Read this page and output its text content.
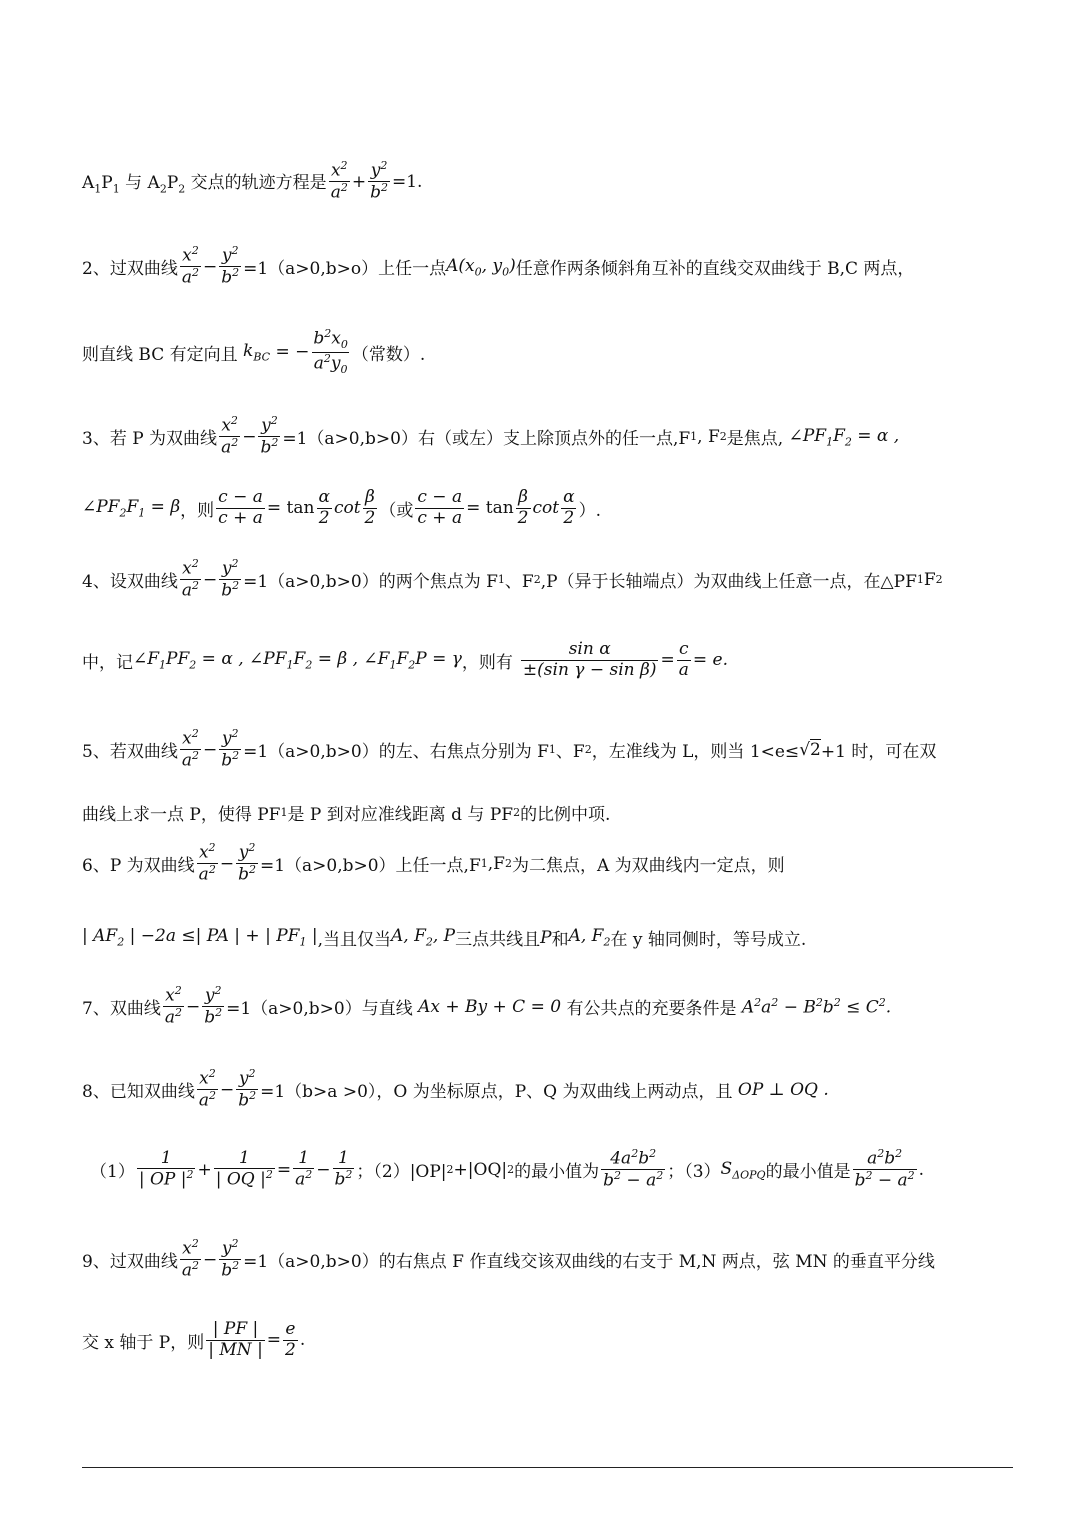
$A_1P_1$ 与 $A_2P_2$ 交点的轨迹方程是 $\frac{x^2}{a^2} + \frac{y^2}{b^2} =1$.
2、过双曲线 $\frac{x^2}{a^2} - \frac{y^2}{b^2} =1(a>0,b>o)$上任一点 $A(x_0$, $y_0$) 任意作两条倾斜角互补的直线交双曲线于 B,C 两点，
则直线 BC 有定向且 $k_{BC}$ = − $\frac{b^2x_0}{a^2y_0}$ （常数）.
3、若 P 为双曲线 $\frac{x^2}{a^2} - \frac{y^2}{b^2} =1(a>0,b>0)$右（或左）支上除顶点外的任一点,F 1 , F 2 是焦点, $\angle PF_1F_2 = \alpha$ ,
$\angle PF_2F_1 = \beta$ ，则 $\frac{c - a}{c + a} = \tan \frac{\alpha}{2}$ $\cot \frac{\beta}{2}$ （或 $\frac{c - a}{c + a} = \tan \frac{\beta}{2}$ $\cot \frac{\alpha}{2}$ ）.
4、设双曲线 $\frac{x^2}{a^2} - \frac{y^2}{b^2} =1(a>0,b>0)$的两个焦点为 F 1 、F 2 ,P（异于长轴端点）为双曲线上任意一点，在△PF 1 F 2
中，记 $\angle F_1PF_2 = \alpha$ , $\angle PF_1F_2 = \beta$ , $\angle F_1F_2P = \gamma$ ，则有 $\frac{\text{sin α}}{\text{±(sin γ − sin β)}} = \frac{c}{a} = e$.
5、若双曲线 $\frac{x^2}{a^2} - \frac{y^2}{b^2} =1(a>0,b>0)$的左、右焦点分别为 F 1 、F 2 ，左准线为 L，则当 1<e≤ √2 +1 时，可在双
曲线上求一点 P，使得 PF 1 是 P 到对应准线距离 d 与 PF 2 的比例中项.
6、P 为双曲线 $\frac{x^2}{a^2} - \frac{y^2}{b^2} =1(a>0,b>0)$上任一点,F 1 ,F 2 为二焦点，A 为双曲线内一定点，则
| $AF_2$ | −2a ≤| PA | + | $PF_1$ | ,当且仅当 A, $F_2$, P 三点共线且 P 和 A, $F_2$ 在 y 轴同侧时，等号成立.
7、双曲线 $\frac{x^2}{a^2} - \frac{y^2}{b^2} =1(a>0,b>0)$与直线 Ax + By + C = 0 有公共点的充要条件是 $A^2a^2 - B^2b^2 \le C^2$.
8、已知双曲线 $\frac{x^2}{a^2} - \frac{y^2}{b^2} =1(b>a >0)$，O 为坐标原点，P、Q 为双曲线上两动点，且 OP ⊥ OQ .
$(1) \frac{1}{| OP |^2} + \frac{1}{| OQ |^2} = \frac{1}{a^2} - \frac{1}{b^2}$ ；（2）|OP| 2 +|OQ| 2 的最小值为 $\frac{4a^2b^2}{b^2 - a^2}$ ；（3） $S_{\Delta OPQ}$ 的最小值是 $\frac{a^2b^2}{b^2 - a^2}$ .
9、过双曲线 $\frac{x^2}{a^2} - \frac{y^2}{b^2} =1(a>0,b>0)$的右焦点 F 作直线交该双曲线的右支于 M,N 两点，弦 MN 的垂直平分线
交 x 轴于 P，则 $\frac{| PF |}{| MN |} = \frac{e}{2}$ .
